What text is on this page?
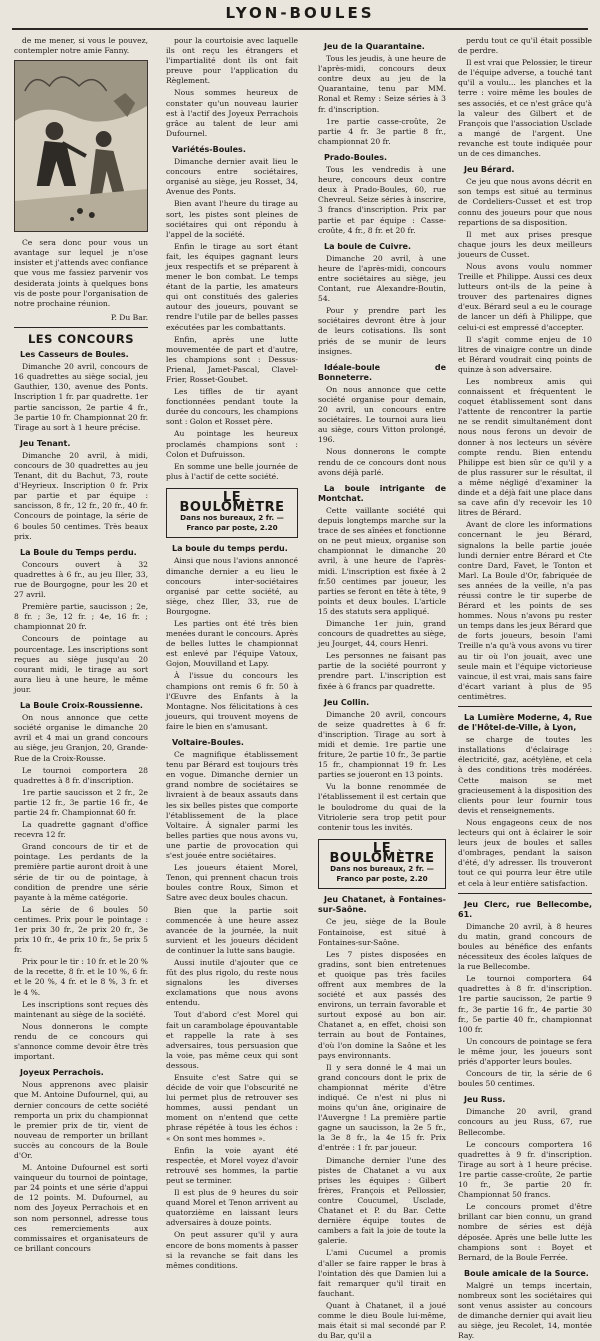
LYON-BOULES

de me mener, si vous le pouvez, contempler notre amie Fanny.

Ce sera donc pour vous un avantage sur lequel je n'ose insister et j'attends avec confiance que vous me fassiez parvenir vos desiderata joints à quelques bons vis de poste pour l'organisation de notre prochaine réunion.

P. Du Bar.
LES CONCOURS
Les Casseurs de Boules.

Dimanche 20 avril, concours de 16 quadrettes au siège social, jeu Gauthier, 130, avenue des Ponts. Inscription 1 fr. par quadrette. 1er partie sancisson, 2e partie 4 fr., 3e partie 10 fr. Championnat 20 fr. Tirage au sort à 1 heure précise.

Jeu Tenant.

Dimanche 20 avril, à midi, concours de 30 quadrettes au jeu Tenant, dit du Bachut, 73, route d'Heyrieux. Inscription 0 fr. Prix par partie et par équipe : sancisson, 8 fr., 12 fr., 20 fr., 40 fr. Concours de pointage, la série de 6 boules 50 centimes. Très beaux prix.

La Boule du Temps perdu.

Concours ouvert à 32 quadrettes à 6 fr., au jeu Iller, 33, rue de Bourgogne, pour les 20 et 27 avril.

Première partie, saucisson ; 2e, 8 fr. ; 3e, 12 fr. ; 4e, 16 fr. ; championnat 20 fr.

Concours de pointage au pourcentage. Les inscriptions sont reçues au siège jusqu'au 20 courant midi, le tirage au sort aura lieu à une heure, le même jour.

La Boule Croix-Roussienne.

On nous annonce que cette société organise le dimanche 20 avril et 4 mai un grand concours au siège, jeu Granjon, 20, Grande-Rue de la Croix-Rousse.

Le tournoi comportera 28 quadrettes à 8 fr. d'inscription.

1re partie saucisson et 2 fr., 2e partie 12 fr., 3e partie 16 fr., 4e partie 24 fr. Championnat 60 fr.

La quadrette gagnant d'office recevra 12 fr.

Grand concours de tir et de pointage. Les perdants de la première partie auront droit à une série de tir ou de pointage, à condition de prendre une série payante à la même catégorie.

La série de 6 boules 50 centimes. Prix pour le pointage : 1er prix 30 fr., 2e prix 20 fr., 3e prix 10 fr., 4e prix 10 fr., 5e prix 5 fr.

Prix pour le tir : 10 fr. et le 20 % de la recette, 8 fr. et le 10 %, 6 fr. et le 20 %, 4 fr. et le 8 %, 3 fr. et le 4 %.

Les inscriptions sont reçues dès maintenant au siège de la société.

Nous donnerons le compte rendu de ce concours qui s'annonce comme devoir être très important.

Joyeux Perrachois.

Nous apprenons avec plaisir que M. Antoine Dufournel, qui, au dernier concours de cette société remporta un prix du championnat le premier prix de tir, vient de nouveau de remporter un brillant succès au concours de la Boule d'Or.

M. Antoine Dufournel est sorti vainqueur du tournoi de pointage, par 24 points et une série d'appui de 12 points. M. Dufournel, au nom des Joyeux Perrachois et en son nom personnel, adresse tous ces remerciements aux commissaires et organisateurs de ce brillant concours

pour la courtoisie avec laquelle ils ont reçu les étrangers et l'impartialité dont ils ont fait preuve pour l'application du Règlement.

Nous sommes heureux de constater qu'un nouveau laurier est à l'actif des Joyeux Perrachois grâce au talent de leur ami Dufournel.

Variétés-Boules.

Dimanche dernier avait lieu le concours entre sociétaires, organisé au siège, jeu Rosset, 34, Avenue des Ponts.

Bien avant l'heure du tirage au sort, les pistes sont pleines de sociétaires qui ont répondu à l'appel de la société.

Enfin le tirage au sort étant fait, les équipes gagnant leurs jeux respectifs et se préparent à mener le bon combat. Le temps étant de la partie, les amateurs qui ont constitués des galeries autour des joueurs, pouvant se rendre l'utile par de belles passes exécutées par les combattants.

Enfin, après une lutte mouvementée de part et d'autre, les champions sont : Dessus-Prienal, Jamet-Pascal, Clavel-Frier, Rosset-Goubet.

Les tiffles de tir ayant fonctionnées pendant toute la durée du concours, les champions sont : Golon et Rosset père.

Au pointage les heureux proclamés champions sont : Colon et Dufruisson.

En somme une belle journée de plus à l'actif de cette société.

LE BOULOMÈTRE
Dans nos bureaux, 2 fr. — Franco par poste, 2.20
La boule du temps perdu.

Ainsi que nous l'avions annoncé dimanche dernier a eu lieu le concours inter-sociétaires organisé par cette société, au siège, chez Iller, 33, rue de Bourgogne.

Les parties ont été très bien menées durant le concours. Après de belles luttes le championnat est enlevé par l'équipe Vatoux, Gojon, Mouvilland et Lapy.

À l'issue du concours les champions ont remis 6 fr. 50 à l'Œuvre des Enfants à la Montagne. Nos félicitations à ces joueurs, qui trouvent moyens de faire le bien en s'amusant.

Voltaire-Boules.

Ce magnifique établissement tenu par Bérard est toujours très en vogue. Dimanche dernier un grand nombre de sociétaires se livraient à de beaux assauts dans les six belles pistes que comporte l'établissement de la place Voltaire. À signaler parmi les belles parties que nous avons vu, une partie de provocation qui s'est jouée entre sociétaires.

Les joueurs étaient Morel, Tenon, qui prennent chacun trois boules contre Roux, Simon et Satre avec deux boules chacun.

Bien que la partie soit commencée à une heure assez avancée de la journée, la nuit survient et les joueurs décident de continuer la lutte sans baugie.

Aussi inutile d'ajouter que ce fût des plus rigolo, du reste nous signalons les diverses exclamations que nous avons entendu.

Tout d'abord c'est Morel qui fait un carambolage épouvantable et rappelle la rate à ses adversaires, tous persuasion que la voie, pas même ceux qui sont dessous.

Ensuite c'est Satre qui se décide de voir que l'obscurité ne lui permet plus de retrouver ses hommes, aussi pendant un moment on n'entend que cette phrase répétée à tous les échos : « On sont mes hommes ».

Enfin la voie ayant été respectée, et Morel voyez d'avoir retrouvé ses hommes, la partie peut se terminer.

Il est plus de 9 heures du soir quand Morel et Tenon arrivent au quatorzième en laissant leurs adversaires à douze points.

On peut assurer qu'il y aura encore de bons moments à passer si la revanche se fait dans les mêmes conditions.

Jeu de la Quarantaine.

Tous les jeudis, à une heure de l'après-midi, concours deux contre deux au jeu de la Quarantaine, tenu par MM. Ronal et Remy : Seize séries à 3 fr. d'inscription.

1re partie casse-croûte, 2e partie 4 fr. 3e partie 8 fr., championnat 20 fr.

Prado-Boules.

Tous les vendredis à une heure, concours deux contre deux à Prado-Boules, 60, rue Chevreul. Seize séries à inscrire, 3 francs d'inscription. Prix par partie et par équipe : Casse-croûte, 4 fr., 8 fr. et 20 fr.

La boule de Cuivre.

Dimanche 20 avril, à une heure de l'après-midi, concours entre sociétaires au siège, jeu Contant, rue Alexandre-Boutin, 54.

Pour y prendre part les sociétaires devront être à jour de leurs cotisations. Ils sont priés de se munir de leurs insignes.

Idéale-boule de Bonneterre.

On nous annonce que cette société organise pour demain, 20 avril, un concours entre sociétaires. Le tournoi aura lieu au siège, cours Vitton prolongé, 196.

Nous donnerons le compte rendu de ce concours dont nous avons déjà parlé.

La boule intrigante de Montchat.

Cette vaillante société qui depuis longtemps marche sur la trace de ses aînées et fonctionne on ne peut mieux, organise son championnat le dimanche 20 avril, à une heure de l'après-midi. L'inscription est fixée à 2 fr.50 centimes par joueur, les parties se feront en tête à tête, 9 points et deux boules. L'article 15 des statuts sera appliqué.

Dimanche 1er juin, grand concours de quadrettes au siège, jeu Jourget, 44, cours Henri.

Les personnes ne faisant pas partie de la société pourront y prendre part. L'inscription est fixée à 6 francs par quadrette.

Jeu Collin.

Dimanche 20 avril, concours de seize quadrettes à 6 fr. d'inscription. Tirage au sort à midi et demie. 1re partie une friture, 2e partie 10 fr., 3e partie 15 fr., championnat 19 fr. Les parties se joueront en 13 points.

Vu la bonne renommée de l'établissement il est certain que le boulodrome du quai de la Vitriolerie sera trop petit pour contenir tous les invités.

LE BOULOMÈTRE
Dans nos bureaux, 2 fr. — Franco par poste, 2.20
Jeu Chatanet, à Fontaines-sur-Saône.

Ce jeu, siège de la Boule Fontainoise, est situé à Fontaines-sur-Saône.

Les 7 pistes disposées en gradins, sont bien entretenues et quoique pas très faciles offrent aux membres de la société et aux passés des environs, un terrain favorable et surtout exposé au bon air. Chatanet a, en effet, choisi son terrain au bout de Fontaines, d'où l'on domine la Saône et les pays environnants.

Il y sera donné le 4 mai un grand concours dont le prix de championnat mérite d'être indiqué. Ce n'est ni plus ni moins qu'un âne, originaire de l'Auvergne ! La première partie gagne un saucisson, la 2e 5 fr., la 3e 8 fr., la 4e 15 fr. Prix d'entrée : 1 fr. par joueur.

Dimanche dernier l'une des pistes de Chatanet a vu aux prises les équipes : Gilbert frères, François et Pellossier, contre Coucumel, Usclade, Chatanet et P. du Bar. Cette dernière équipe toutes de cambers a fait la joie de toute la galerie.

L'ami Cucumel a promis d'aller se faire rapper le bras à l'ointation dès que Damien lui a fait remarquer qu'il tirait en fauchant.

Quant à Chatanet, il a joué comme le dieu Boule lui-même, mais était si mal secondé par P. du Bar, qu'il a

perdu tout ce qu'il était possible de perdre.

Il est vrai que Pelossier, le tireur de l'équipe adverse, a touché tant qu'il a voulu... les planches et la terre : voire même les boules de ses associés, et ce n'est grâce qu'à la valeur des Gilbert et de François que l'association Usclade a mangé de l'argent. Une revanche est toute indiquée pour un de ces dimanches.

Jeu Bérard.

Ce jeu que nous avons décrit en son temps est situé au terminus de Cordeliers-Cusset et est trop connu des joueurs pour que nous repartions de sa disposition.

Il met aux prises presque chaque jours les deux meilleurs joueurs de Cusset.

Nous avons voulu nommer Treille et Philippe. Aussi ces deux lutteurs ont-ils de la peine à trouver des partenaires dignes d'eux. Bérard seul a eu le courage de lancer un défi à Philippe, que celui-ci est empressé d'accepter.

Il s'agit comme enjeu de 10 litres de vinaigre contre un dinde et Bérard voudrait cinq points de quinze à son adversaire.

Les nombreux amis qui connaissent et fréquentent le coquet établissement sont dans l'attente de rencontrer la partie ne se rendit simultanément dont nous nous ferons un devoir de donner à nos lecteurs un sévère compte rendu. Bien entendu Philippe est bien sûr ce qu'il y a de plus rassurer sur le résultat, il a même négligé d'examiner la dinde et a déjà fait une place dans sa cave afin d'y recevoir les 10 litres de Bérard.

Avant de clore les informations concernant le jeu Bérard, signalons la belle partie jouée lundi dernier entre Bérard et Cte contre Dard, Favet, le Tonton et Marl. La Boule d'Or, fabriquée de ses années de la veille, n'a pas réussi contre le tir superbe de Bérard et les points de ses hommes. Nous n'avons pu rester un temps dans les jeux Bérard que de forts joueurs, besoin l'ami Treille n'a qu'à vous avons vu tirer au tir où l'on jouait, avec une seule main et l'équipe victorieuse vaincue, il est vrai, mais sans faire d'écart variant à plus de 95 centimètres.

La Lumière Moderne, 4, Rue de l'Hôtel-de-Ville, à Lyon,

se charge de toutes les installations d'éclairage : électricité, gaz, acétylène, et cela à des conditions très modérées. Cette maison se met gracieusement à la disposition des clients pour leur fournir tous devis et renseignements.

Nous engageons ceux de nos lecteurs qui ont à éclairer le soir leurs jeux de boules et salles d'ombrages, pendant la saison d'été, d'y adresser. Ils trouveront tout ce qui pourra leur être utile et cela à leur entière satisfaction.

Jeu Clerc, rue Bellecombe, 61.

Dimanche 20 avril, à 8 heures du matin, grand concours de boules au bénéfice des enfants nécessiteux des écoles laïques de la rue Bellecombe.

Le tournoi comportera 64 quadrettes à 8 fr. d'inscription. 1re partie saucisson, 2e partie 9 fr., 3e partie 16 fr., 4e partie 30 fr., 5e partie 40 fr., championnat 100 fr.

Un concours de pointage se fera le même jour, les joueurs sont priés d'apporter leurs boules.

Concours de tir, la série de 6 boules 50 centimes.

Jeu Russ.

Dimanche 20 avril, grand concours au jeu Russ, 67, rue Bellecombe.

Le concours comportera 16 quadrettes à 9 fr. d'inscription. Tirage au sort à 1 heure précise. 1re partie casse-croûte, 2e partie 10 fr., 3e partie 20 fr. Championnat 50 francs.

Le concours promet d'être brillant car bien connu, un grand nombre de séries est déjà déposée. Après une belle lutte les champions sont : Boyet et Bernard, de la Boule Ferrée.

Boule amicale de la Source.

Malgré un temps incertain, nombreux sont les sociétaires qui sont venus assister au concours de dimanche dernier qui avait lieu au siège, jeu Recolet, 14, montée Ray.
